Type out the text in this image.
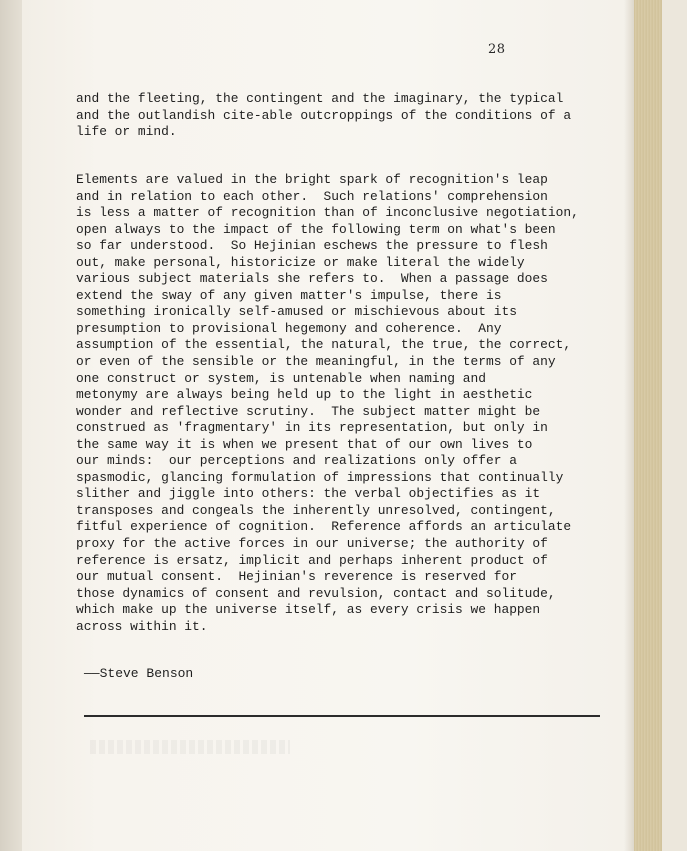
28
and the fleeting, the contingent and the imaginary, the typical
and the outlandish cite-able outcroppings of the conditions of a
life or mind.
Elements are valued in the bright spark of recognition's leap
and in relation to each other.  Such relations' comprehension
is less a matter of recognition than of inconclusive negotiation,
open always to the impact of the following term on what's been
so far understood.  So Hejinian eschews the pressure to flesh
out, make personal, historicize or make literal the widely
various subject materials she refers to.  When a passage does
extend the sway of any given matter's impulse, there is
something ironically self-amused or mischievous about its
presumption to provisional hegemony and coherence.  Any
assumption of the essential, the natural, the true, the correct,
or even of the sensible or the meaningful, in the terms of any
one construct or system, is untenable when naming and
metonymy are always being held up to the light in aesthetic
wonder and reflective scrutiny.  The subject matter might be
construed as 'fragmentary' in its representation, but only in
the same way it is when we present that of our own lives to
our minds:  our perceptions and realizations only offer a
spasmodic, glancing formulation of impressions that continually
slither and jiggle into others: the verbal objectifies as it
transposes and congeals the inherently unresolved, contingent,
fitful experience of cognition.  Reference affords an articulate
proxy for the active forces in our universe; the authority of
reference is ersatz, implicit and perhaps inherent product of
our mutual consent.  Hejinian's reverence is reserved for
those dynamics of consent and revulsion, contact and solitude,
which make up the universe itself, as every crisis we happen
across within it.
——Steve Benson
